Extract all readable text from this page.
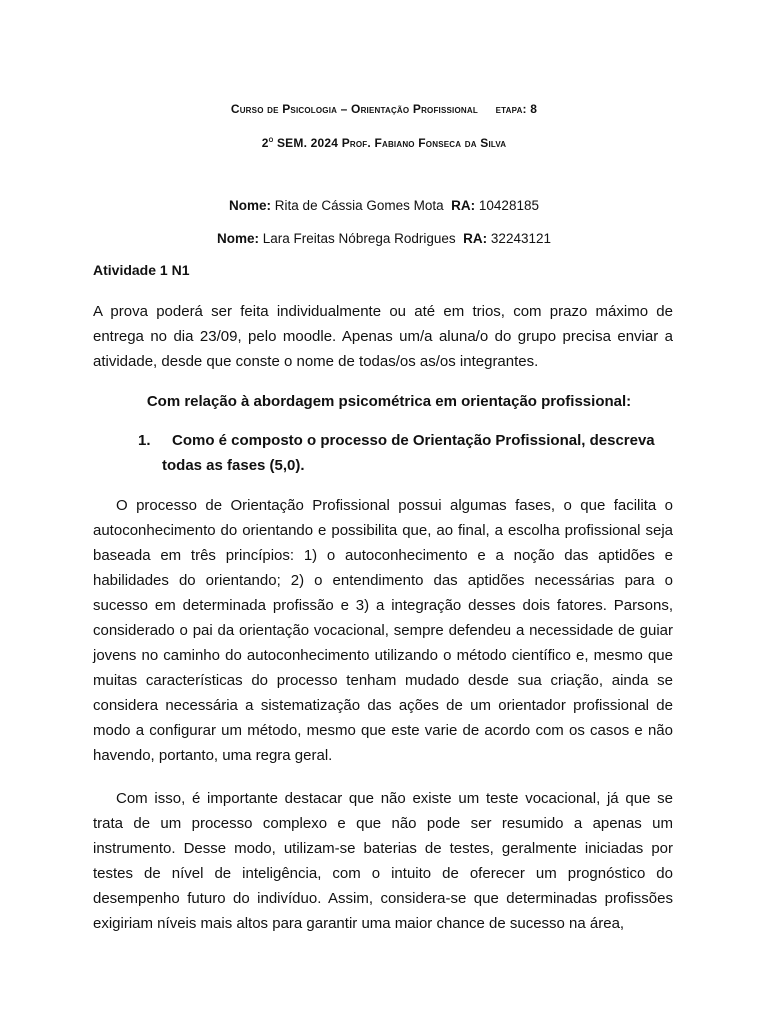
Curso de Psicologia – Orientação Profissional etapa: 8
2$^o$ SEM. 2024 Prof. Fabiano Fonseca da Silva
Nome: Rita de Cássia Gomes Mota RA: 10428185
Nome: Lara Freitas Nóbrega Rodrigues RA: 32243121
Atividade 1 N1
A prova poderá ser feita individualmente ou até em trios, com prazo máximo de entrega no dia 23/09, pelo moodle. Apenas um/a aluna/o do grupo precisa enviar a atividade, desde que conste o nome de todas/os as/os integrantes.
Com relação à abordagem psicométrica em orientação profissional:
1. Como é composto o processo de Orientação Profissional, descreva
todas as fases (5,0).
O processo de Orientação Profissional possui algumas fases, o que facilita o autoconhecimento do orientando e possibilita que, ao final, a escolha profissional seja baseada em três princípios: 1) o autoconhecimento e a noção das aptidões e habilidades do orientando; 2) o entendimento das aptidões necessárias para o sucesso em determinada profissão e 3) a integração desses dois fatores. Parsons, considerado o pai da orientação vocacional, sempre defendeu a necessidade de guiar jovens no caminho do autoconhecimento utilizando o método científico e, mesmo que muitas características do processo tenham mudado desde sua criação, ainda se considera necessária a sistematização das ações de um orientador profissional de modo a configurar um método, mesmo que este varie de acordo com os casos e não havendo, portanto, uma regra geral.
Com isso, é importante destacar que não existe um teste vocacional, já que se trata de um processo complexo e que não pode ser resumido a apenas um instrumento. Desse modo, utilizam-se baterias de testes, geralmente iniciadas por testes de nível de inteligência, com o intuito de oferecer um prognóstico do desempenho futuro do indivíduo. Assim, considera-se que determinadas profissões exigiriam níveis mais altos para garantir uma maior chance de sucesso na área,
